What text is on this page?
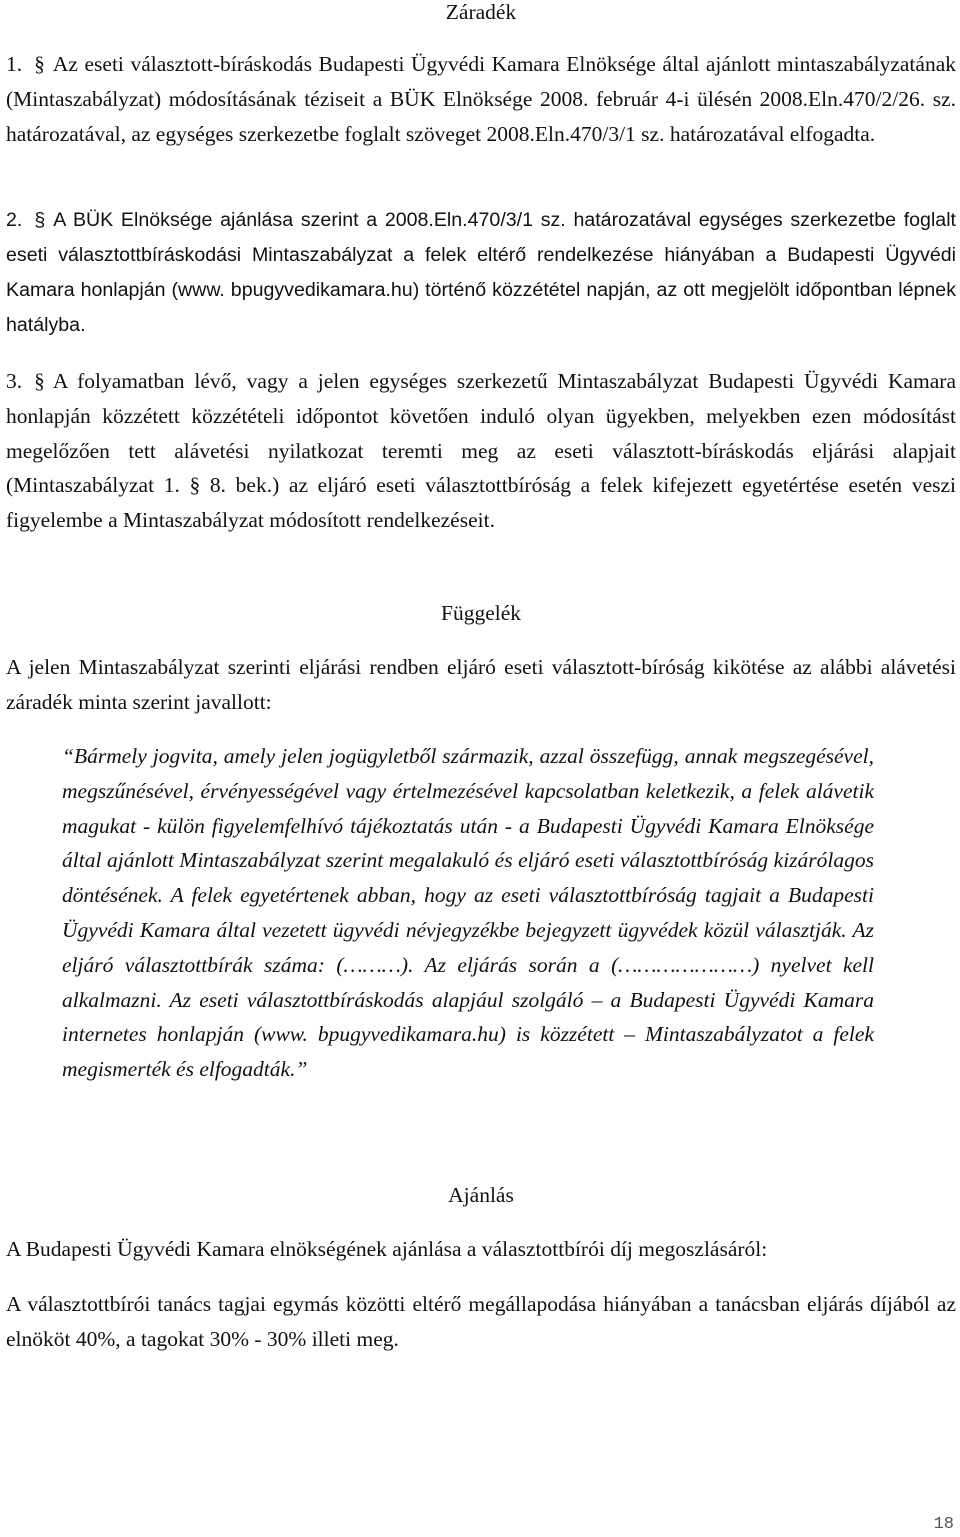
Záradék
1. § Az eseti választott-bíráskodás Budapesti Ügyvédi Kamara Elnöksége által ajánlott mintaszabályzatának (Mintaszabályzat) módosításának téziseit a BÜK Elnöksége 2008. február 4-i ülésén 2008.Eln.470/2/26. sz. határozatával, az egységes szerkezetbe foglalt szöveget 2008.Eln.470/3/1 sz. határozatával elfogadta.
2. § A BÜK Elnöksége ajánlása szerint a 2008.Eln.470/3/1 sz. határozatával egységes szerkezetbe foglalt eseti választottbíráskodási Mintaszabályzat a felek eltérő rendelkezése hiányában a Budapesti Ügyvédi Kamara honlapján (www. bpugyvedikamara.hu) történő közzététel napján, az ott megjelölt időpontban lépnek hatályba.
3. § A folyamatban lévő, vagy a jelen egységes szerkezetű Mintaszabályzat Budapesti Ügyvédi Kamara honlapján közzétett közzétételi időpontot követően induló olyan ügyekben, melyekben ezen módosítást megelőzően tett alávetési nyilatkozat teremti meg az eseti választott-bíráskodás eljárási alapjait (Mintaszabályzat 1. § 8. bek.) az eljáró eseti választottbíróság a felek kifejezett egyetértése esetén veszi figyelembe a Mintaszabályzat módosított rendelkezéseit.
Függelék
A jelen Mintaszabályzat szerinti eljárási rendben eljáró eseti választott-bíróság kikötése az alábbi alávetési záradék minta szerint javallott:
“Bármely jogvita, amely jelen jogügyletből származik, azzal összefügg, annak megszegésével, megszűnésével, érvényességével vagy értelmezésével kapcsolatban keletkezik, a felek alávetik magukat - külön figyelemfelhívó tájékoztatás után - a Budapesti Ügyvédi Kamara Elnöksége által ajánlott Mintaszabályzat szerint megalakuló és eljáró eseti választottbíróság kizárólagos döntésének. A felek egyetértenek abban, hogy az eseti választottbíróság tagjait a Budapesti Ügyvédi Kamara által vezetett ügyvédi névjegyzékbe bejegyzett ügyvédek közül választják. Az eljáró választottbírák száma: (………). Az eljárás során a (…………………) nyelvet kell alkalmazni. Az eseti választottbíráskodás alapjául szolgáló – a Budapesti Ügyvédi Kamara internetes honlapján (www. bpugyvedikamara.hu) is közzétett – Mintaszabályzatot a felek megismerték és elfogadták.”
Ajánlás
A Budapesti Ügyvédi Kamara elnökségének ajánlása a választottbírói díj megoszlásáról:
A választottbírói tanács tagjai egymás közötti eltérő megállapodása hiányában a tanácsban eljárás díjából az elnököt 40%, a tagokat 30% - 30% illeti meg.
18
